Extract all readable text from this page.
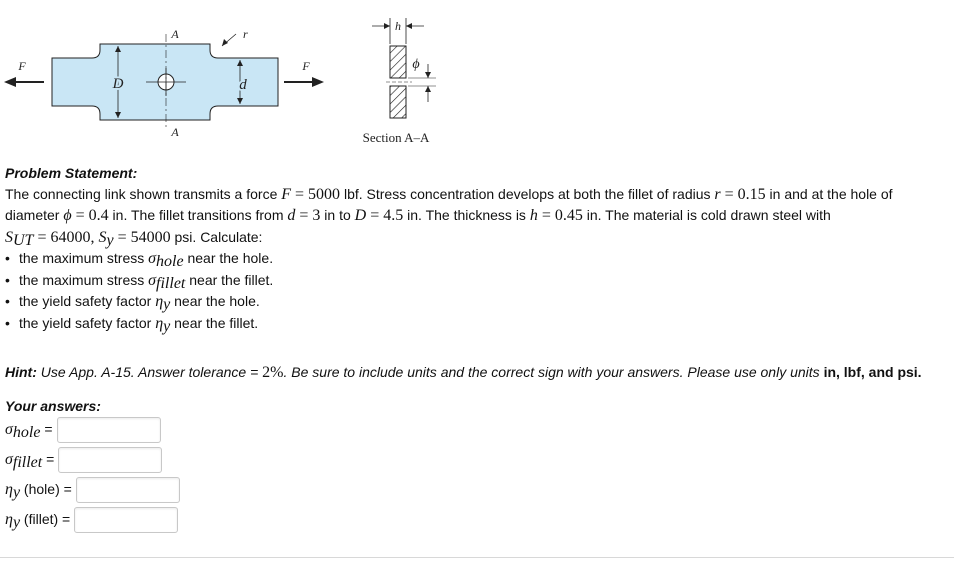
F	F
D	d
r
A
A
h
ϕ
Section A–A
Problem Statement:
The connecting link shown transmits a force F = 5000 lbf. Stress concentration develops at both the fillet of radius r = 0.15 in and at the hole of
diameter ϕ = 0.4 in. The fillet transitions from d = 3 in to D = 4.5 in. The thickness is h = 0.45 in. The material is cold drawn steel with
$S_{UT} = 64000$, $S_y = 54000$ psi. Calculate:
• the maximum stress $\sigma_{hole}$ near the hole.
• the maximum stress $\sigma_{fillet}$ near the fillet.
• the yield safety factor $\eta_y$ near the hole.
• the yield safety factor $\eta_y$ near the fillet.
Hint: Use App. A-15. Answer tolerance = 2%. Be sure to include units and the correct sign with your answers. Please use only units in, lbf, and psi.
Your answers:
$\sigma_{hole}$ =
$\sigma_{fillet}$ =
$\eta_y$ (hole) =
$\eta_y$ (fillet) =
